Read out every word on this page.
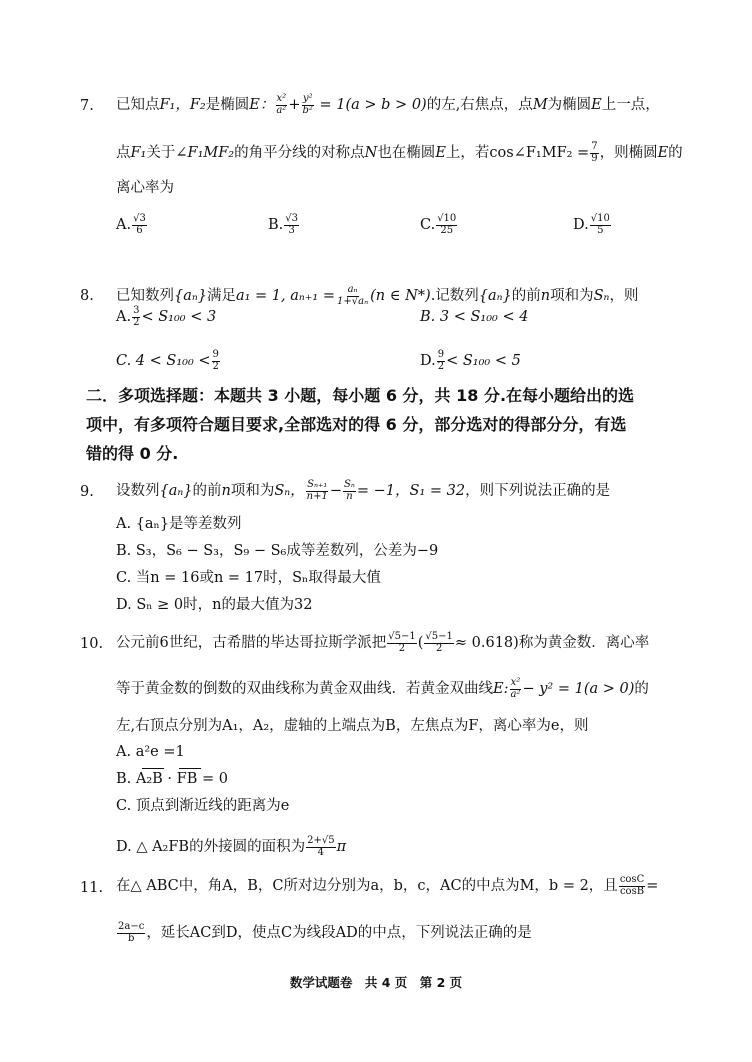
7. 已知点F₁，F₂是椭圆E： $\frac{\text{x²}}{\text{a²}} + \frac{\text{y²}}{\text{b²}} = 1(a > b > 0)$的左,右焦点，点M为椭圆E上一点，
点F₁关于∠F₁MF₂的角平分线的对称点N也在椭圆E上，若cos∠F₁MF₂ = $\frac{7}{9}$ ，则椭圆E的
离心率为
A. $\frac{√3}{6}$	B. $\frac{√3}{3}$	C. $\frac{√10}{25}$	D. $\frac{√10}{5}$
8. 已知数列{aₙ}满足a₁ = 1, $a_{n+1} = \frac{\text{aₙ}}{\text{1+√aₙ}} (n$ ∈ N*).记数列{aₙ}的前n项和为Sₙ，则
A. $\frac{3}{2} < S_{100} < 3$	B. 3 < S₁₀₀ < 4
C. $4 < S_{100} < \frac{9}{2}$	D. $\frac{9}{2} < S_{100} < 5$
二．多项选择题：本题共 3 小题，每小题 6 分，共 18 分.在每小题给出的选
项中，有多项符合题目要求,全部选对的得 6 分，部分选对的得部分分，有选
错的得 0 分.
9. 设数列{aₙ}的前n项和为Sₙ， $\frac{\text{Sₙ₊₁}}{n+1} - \frac{\text{Sₙ}}{n} = -1$，S₁ = 32，则下列说法正确的是
A. {aₙ}是等差数列
B. S₃，S₆ − S₃，S₉ − S₆成等差数列，公差为−9
C. 当n = 16或n = 17时，Sₙ取得最大值
D. Sₙ ≥ 0时，n的最大值为32
10. 公元前6世纪，古希腊的毕达哥拉斯学派把 $\frac{√5-1}{2}$ ( $\frac{√5-1}{2} \approx 0.618$)称为黄金数．离心率
等于黄金数的倒数的双曲线称为黄金双曲线．若黄金双曲线E: $\frac{\text{x²}}{\text{a²}} - y^2 = 1(a > 0)$的
左,右顶点分别为A₁，A₂，虚轴的上端点为B，左焦点为F，离心率为e，则
A. a²e =1
B. A₂B · FB = 0
C. 顶点到渐近线的距离为e
D. △ A₂FB的外接圆的面积为 $\frac{2+√5}{4}$ π
11. 在△ ABC中，角A，B，C所对边分别为a，b，c，AC的中点为M，b = 2，且 $\frac{\cos C}{\cos B}$ =
$\frac{2a-c}{b}$ ，延长AC到D，使点C为线段AD的中点，下列说法正确的是
数学试题卷　共 4 页　第 2 页
